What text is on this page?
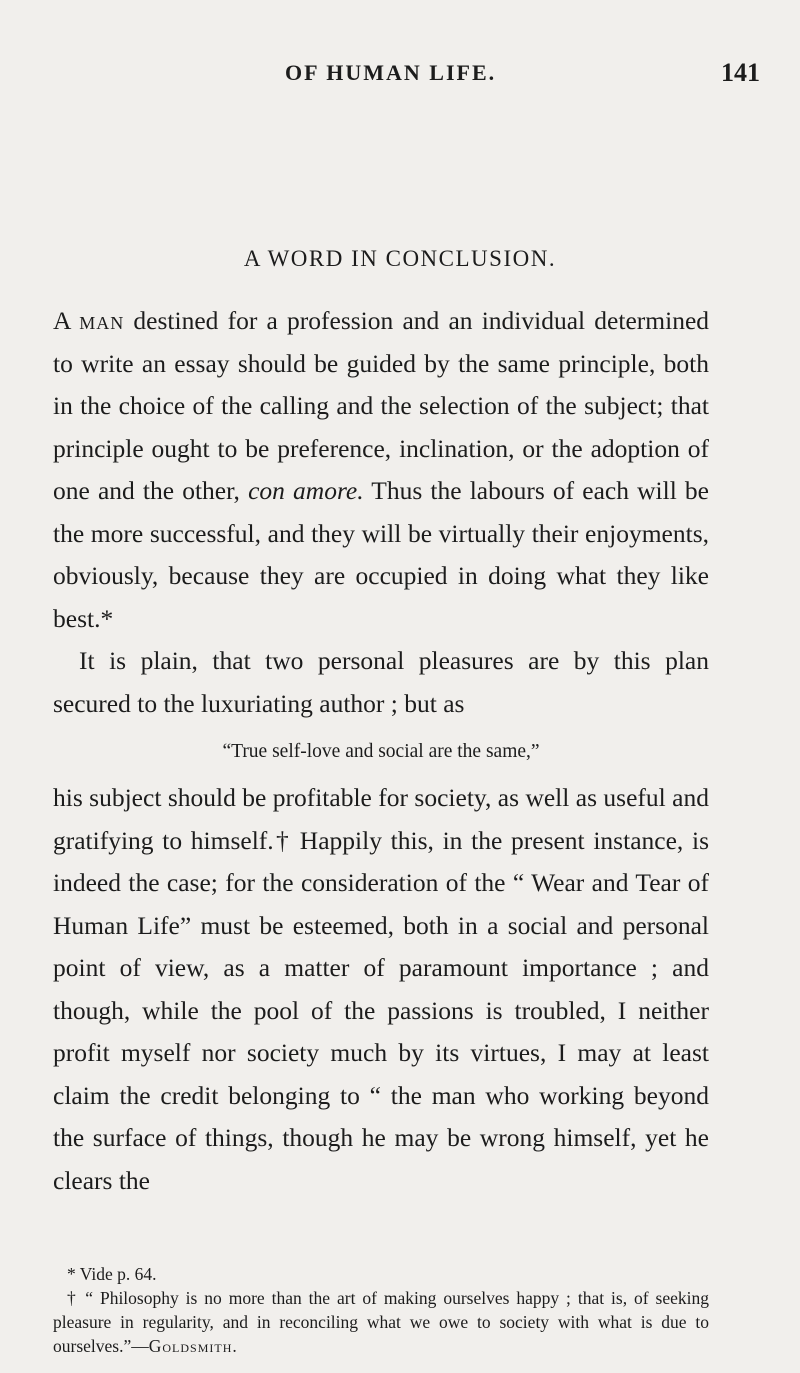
OF HUMAN LIFE.	141
A WORD IN CONCLUSION.

A man destined for a profession and an individual determined to write an essay should be guided by the same principle, both in the choice of the calling and the selection of the subject; that principle ought to be preference, inclination, or the adoption of one and the other, con amore. Thus the labours of each will be the more successful, and they will be virtually their enjoyments, obviously, because they are occupied in doing what they like best.*

It is plain, that two personal pleasures are by this plan secured to the luxuriating author ; but as

“True self-love and social are the same,”

his subject should be profitable for society, as well as useful and gratifying to himself.† Happily this, in the present instance, is indeed the case; for the consideration of the “ Wear and Tear of Human Life” must be esteemed, both in a social and personal point of view, as a matter of paramount importance ; and though, while the pool of the passions is troubled, I neither profit myself nor society much by its virtues, I may at least claim the credit belonging to “ the man who working beyond the surface of things, though he may be wrong himself, yet he clears the

* Vide p. 64.

† “ Philosophy is no more than the art of making ourselves happy ; that is, of seeking pleasure in regularity, and in reconciling what we owe to society with what is due to ourselves.”—Goldsmith.
